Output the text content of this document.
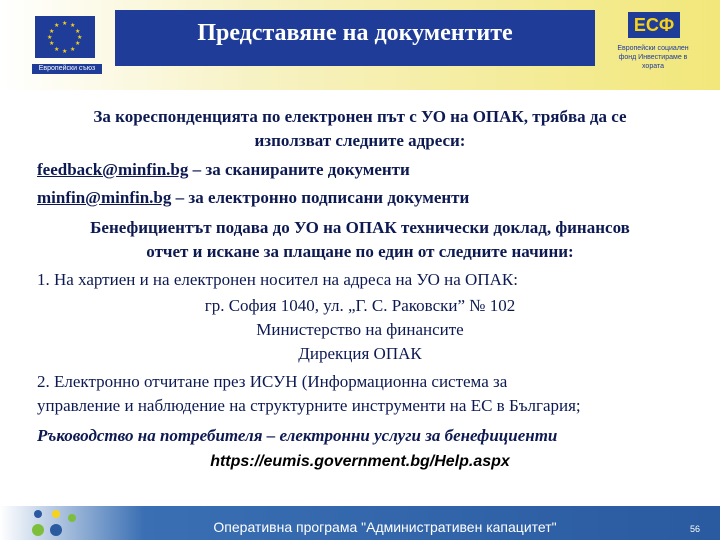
★ ★
★
★
★
★
★
★
★
★
★
★
Европейски съюз
Представяне на документите	ЕСФ
Европейски социален фонд Инвестираме в хората
За кореспонденцията по електронен път с УО на ОПАК, трябва да се
използват следните адреси:
feedback@minfin.bg – за сканираните документи
minfin@minfin.bg – за електронно подписани документи
Бенефициентът подава до УО на ОПАК технически доклад, финансов
отчет и искане за плащане по един от следните начини:
1. На хартиен и на електронен носител на адреса на УО на ОПАК:
гр. София 1040, ул. „Г. С. Раковски” № 102
Министерство на финансите
Дирекция ОПАК
2. Електронно отчитане през ИСУН (Информационна система за
управление и наблюдение на структурните инструменти на ЕС в България;
Ръководство на потребителя – електронни услуги за бенефициенти
https://eumis.government.bg/Help.aspx
Оперативна програма "Административен капацитет"	56
